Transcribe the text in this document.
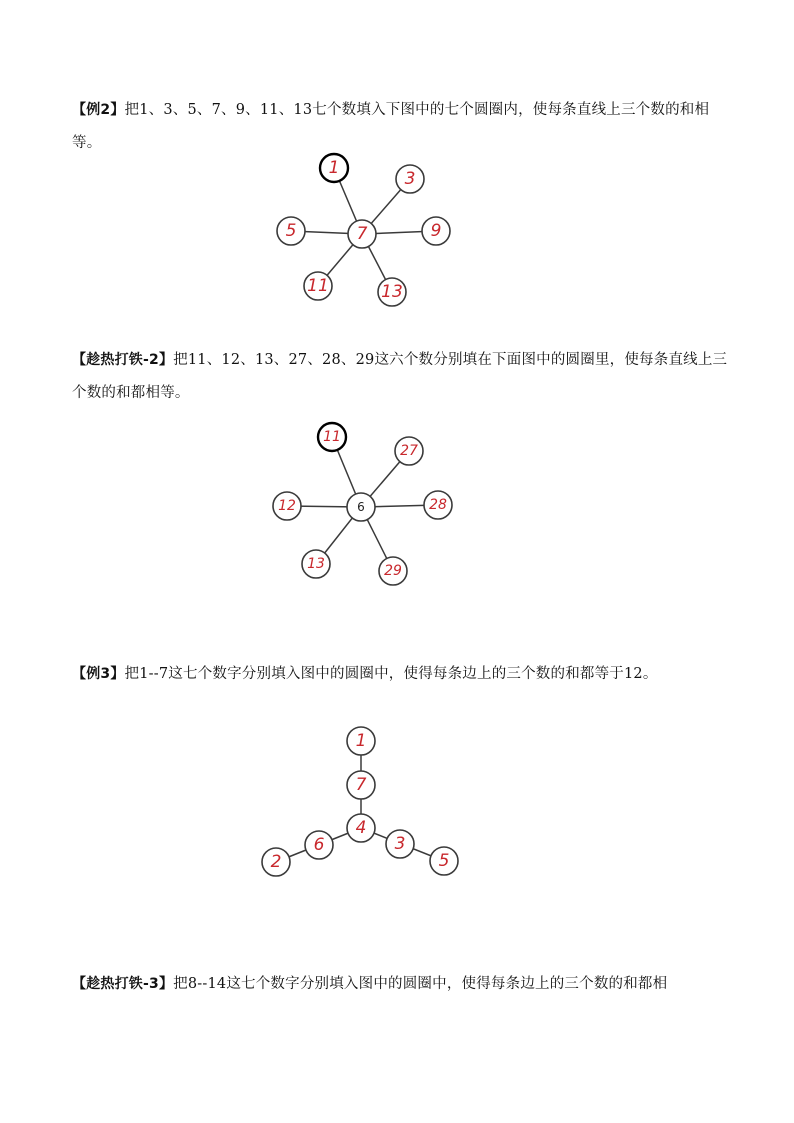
【例2】把1、3、5、7、9、11、13七个数填入下图中的七个圆圈内，使每条直线上三个数的和相等。
7
1
3
9
13
11
5
【趁热打铁-2】把11、12、13、27、28、29这六个数分别填在下面图中的圆圈里，使每条直线上三个数的和都相等。
6
11
27
28
29
13
12
【例3】把1--7这七个数字分别填入图中的圆圈中，使得每条边上的三个数的和都等于12。
1
7
4
6
2
3
5
【趁热打铁-3】把8--14这七个数字分别填入图中的圆圈中，使得每条边上的三个数的和都相
